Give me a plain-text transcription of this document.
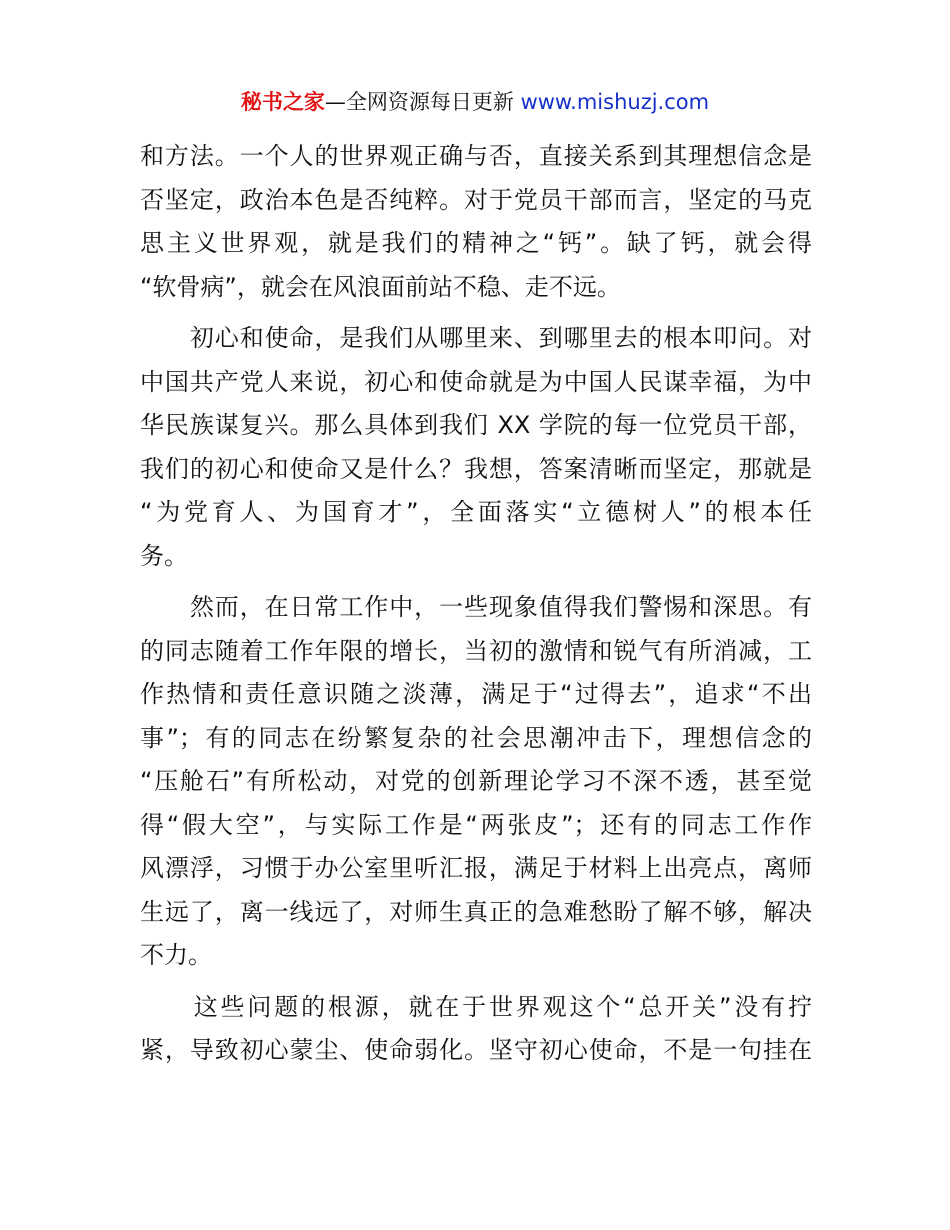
秘书之家—全网资源每日更新 www.mishuzj.com
和方法。一个人的世界观正确与否，直接关系到其理想信念是
否坚定，政治本色是否纯粹。对于党员干部而言，坚定的马克
思主义世界观，就是我们的精神之“钙”。缺了钙，就会得
“软骨病”，就会在风浪面前站不稳、走不远。
　　初心和使命，是我们从哪里来、到哪里去的根本叩问。对
中国共产党人来说，初心和使命就是为中国人民谋幸福，为中
华民族谋复兴。那么具体到我们 XX 学院的每一位党员干部，
我们的初心和使命又是什么？我想，答案清晰而坚定，那就是
“为党育人、为国育才”，全面落实“立德树人”的根本任
务。
　　然而，在日常工作中，一些现象值得我们警惕和深思。有
的同志随着工作年限的增长，当初的激情和锐气有所消减，工
作热情和责任意识随之淡薄，满足于“过得去”，追求“不出
事”；有的同志在纷繁复杂的社会思潮冲击下，理想信念的
“压舱石”有所松动，对党的创新理论学习不深不透，甚至觉
得“假大空”，与实际工作是“两张皮”；还有的同志工作作
风漂浮，习惯于办公室里听汇报，满足于材料上出亮点，离师
生远了，离一线远了，对师生真正的急难愁盼了解不够，解决
不力。
　　这些问题的根源，就在于世界观这个“总开关”没有拧
紧，导致初心蒙尘、使命弱化。坚守初心使命，不是一句挂在
